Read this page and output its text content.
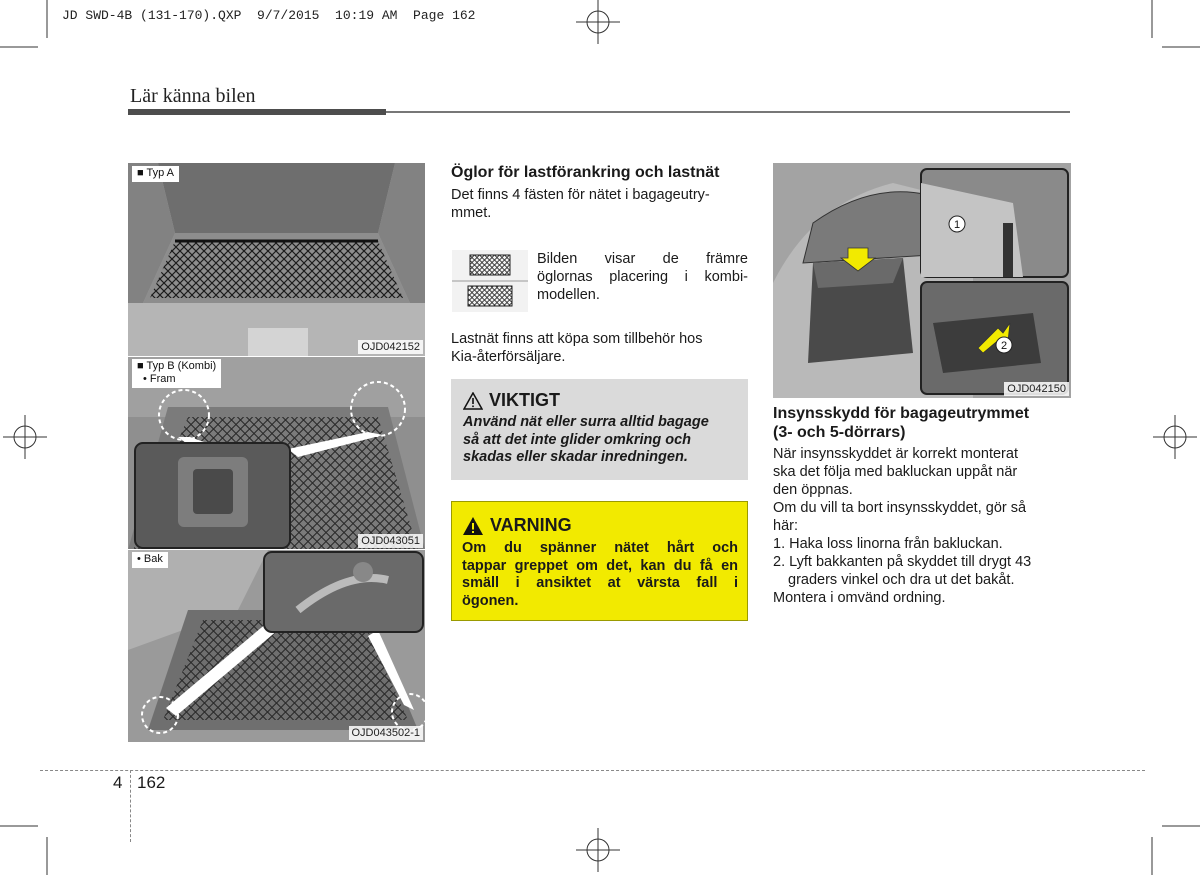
JD SWD-4B (131-170).QXP  9/7/2015  10:19 AM  Page 162
Lär känna bilen
■ Typ A
OJD042152
■ Typ B (Kombi)
• Fram
OJD043051
• Bak
OJD043502-1
Öglor för lastförankring och lastnät
Det finns 4 fästen för nätet i bagageutry-
mmet.
Bilden visar de främre
öglornas placering i kombi-
modellen.
Lastnät finns att köpa som tillbehör hos
Kia-återförsäljare.
VIKTIGT
Använd nät eller surra alltid bagage
så att det inte glider omkring och
skadas eller skadar inredningen.
VARNING
Om du spänner nätet hårt och
tappar greppet om det, kan du få en
smäll i ansiktet at värsta fall i
ögonen.
1
2
OJD042150
Insynsskydd för bagageutrymmet
(3- och 5-dörrars)
När insynsskyddet är korrekt monterat
ska det följa med bakluckan uppåt när
den öppnas.
Om du vill ta bort insynsskyddet, gör så
här:
1. Haka loss linorna från bakluckan.
2. Lyft bakkanten på skyddet till drygt 43
graders vinkel och dra ut det bakåt.
Montera i omvänd ordning.
4 162
